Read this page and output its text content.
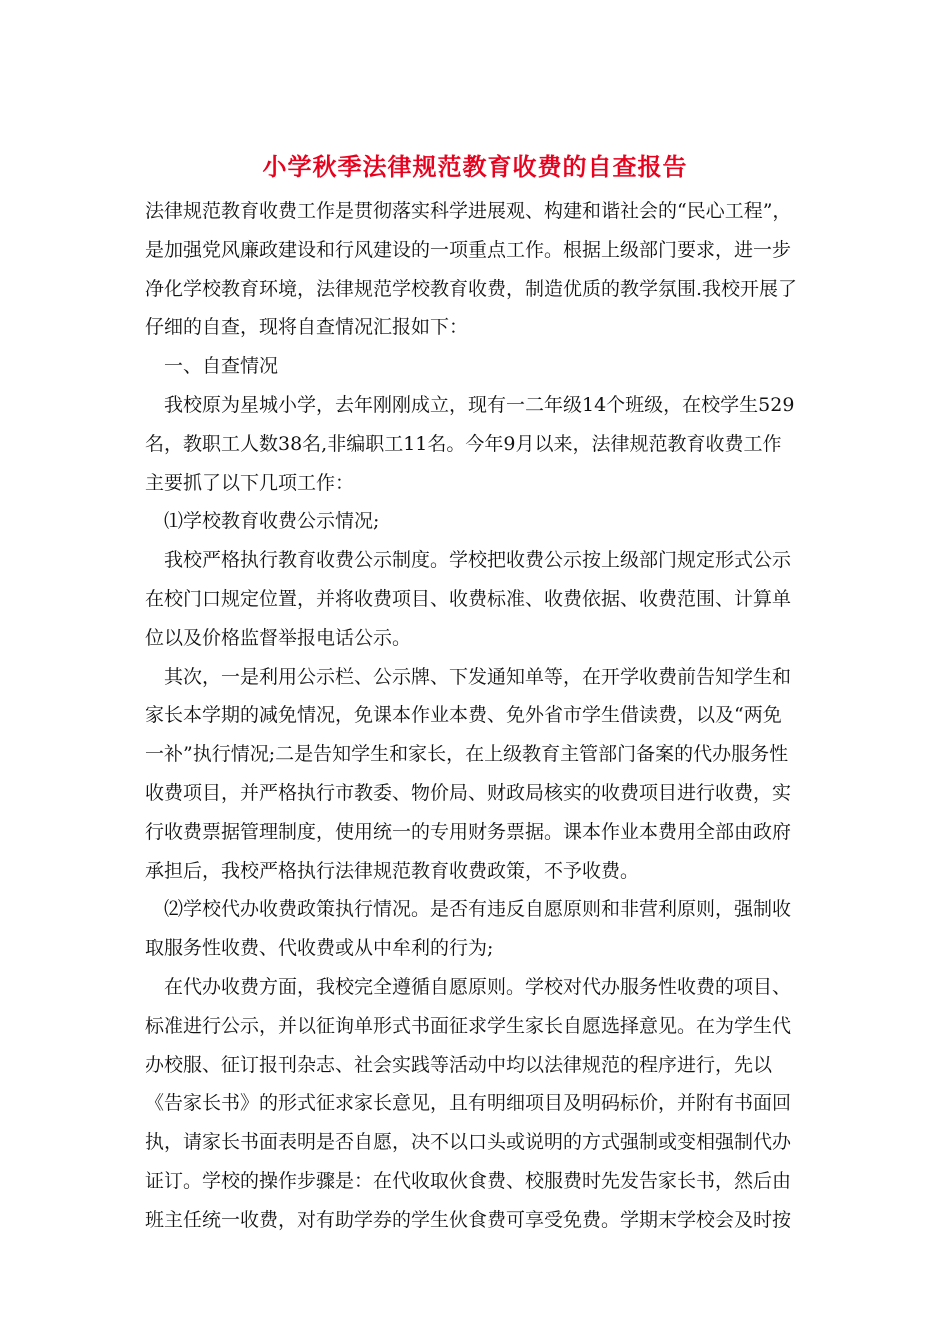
小学秋季法律规范教育收费的自查报告
法律规范教育收费工作是贯彻落实科学进展观、构建和谐社会的“民心工程”，
是加强党风廉政建设和行风建设的一项重点工作。根据上级部门要求，进一步
净化学校教育环境，法律规范学校教育收费，制造优质的教学氛围.我校开展了
仔细的自查，现将自查情况汇报如下：
一、自查情况
我校原为星城小学，去年刚刚成立，现有一二年级14个班级，在校学生529
名，教职工人数38名,非编职工11名。今年9月以来，法律规范教育收费工作
主要抓了以下几项工作：
⑴学校教育收费公示情况;
我校严格执行教育收费公示制度。学校把收费公示按上级部门规定形式公示
在校门口规定位置，并将收费项目、收费标准、收费依据、收费范围、计算单
位以及价格监督举报电话公示。
其次，一是利用公示栏、公示牌、下发通知单等，在开学收费前告知学生和
家长本学期的减免情况，免课本作业本费、免外省市学生借读费，以及“两免
一补”执行情况;二是告知学生和家长，在上级教育主管部门备案的代办服务性
收费项目，并严格执行市教委、物价局、财政局核实的收费项目进行收费，实
行收费票据管理制度，使用统一的专用财务票据。课本作业本费用全部由政府
承担后，我校严格执行法律规范教育收费政策，不予收费。
⑵学校代办收费政策执行情况。是否有违反自愿原则和非营利原则，强制收
取服务性收费、代收费或从中牟利的行为;
在代办收费方面，我校完全遵循自愿原则。学校对代办服务性收费的项目、
标准进行公示，并以征询单形式书面征求学生家长自愿选择意见。在为学生代
办校服、征订报刊杂志、社会实践等活动中均以法律规范的程序进行，先以
《告家长书》的形式征求家长意见，且有明细项目及明码标价，并附有书面回
执，请家长书面表明是否自愿，决不以口头或说明的方式强制或变相强制代办
证订。学校的操作步骤是：在代收取伙食费、校服费时先发告家长书，然后由
班主任统一收费，对有助学券的学生伙食费可享受免费。学期末学校会及时按
